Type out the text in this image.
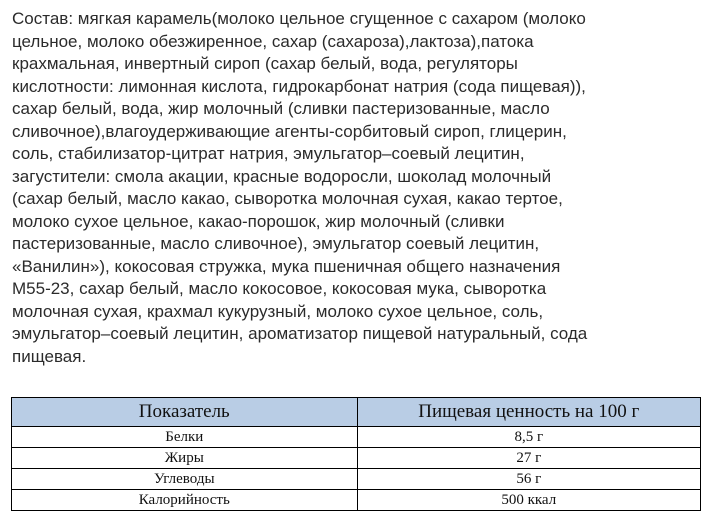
Состав: мягкая карамель(молоко цельное сгущенное с сахаром (молоко
цельное, молоко обезжиренное, сахар (сахароза),лактоза),патока
крахмальная, инвертный сироп (сахар белый, вода, регуляторы
кислотности: лимонная кислота, гидрокарбонат натрия (сода пищевая)),
сахар белый, вода, жир молочный (сливки пастеризованные, масло
сливочное),влагоудерживающие агенты-сорбитовый сироп, глицерин,
соль, стабилизатор-цитрат натрия, эмульгатор–соевый лецитин,
загустители: смола акации, красные водоросли, шоколад молочный
(сахар белый, масло какао, сыворотка молочная сухая, какао тертое,
молоко сухое цельное, какао-порошок, жир молочный (сливки
пастеризованные, масло сливочное), эмульгатор соевый лецитин,
«Ванилин»), кокосовая стружка, мука пшеничная общего назначения
М55-23, сахар белый, масло кокосовое, кокосовая мука, сыворотка
молочная сухая, крахмал кукурузный, молоко сухое цельное, соль,
эмульгатор–соевый лецитин, ароматизатор пищевой натуральный, сода
пищевая.
Показатель	Пищевая ценность на 100 г
Белки	8,5 г
Жиры	27 г
Углеводы	56 г
Калорийность	500 ккал
